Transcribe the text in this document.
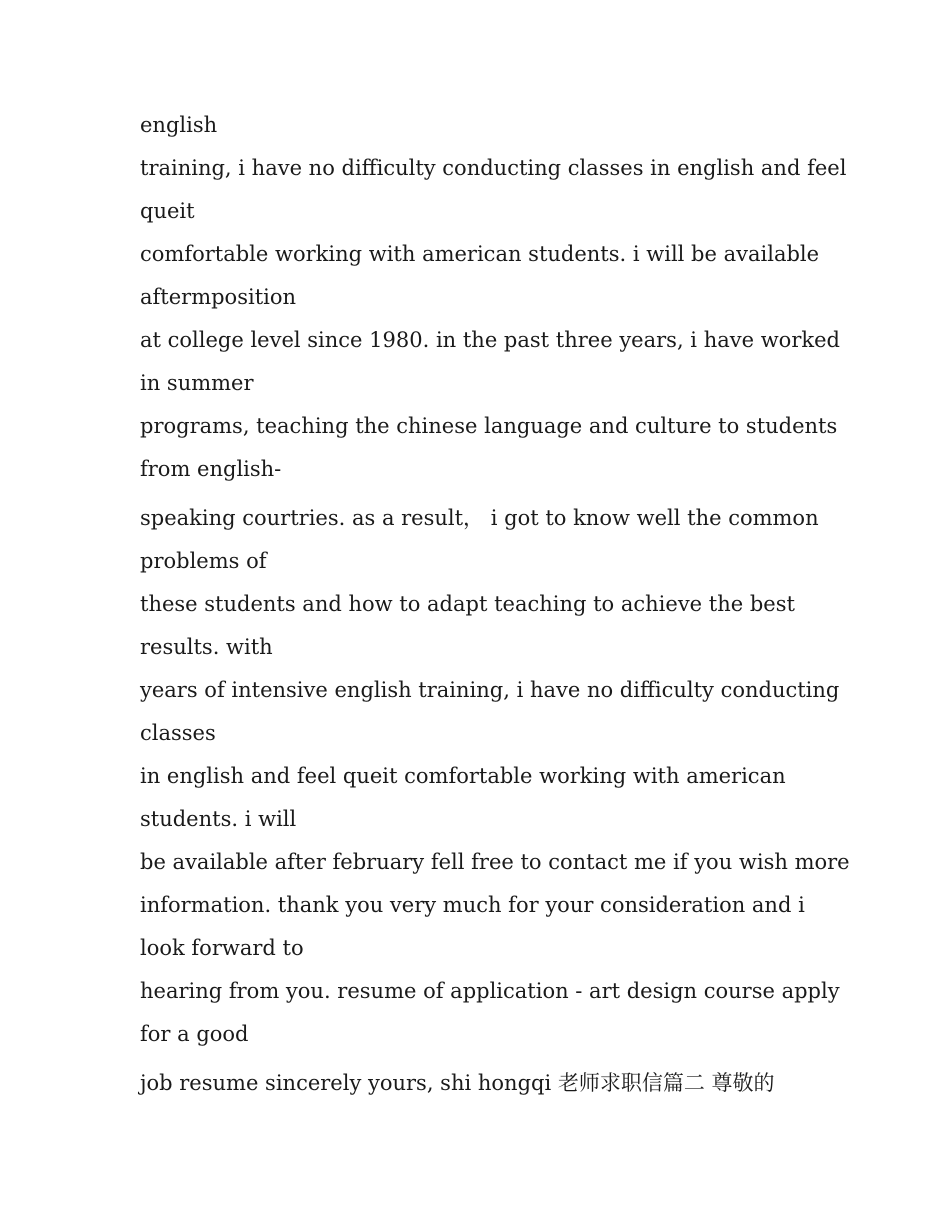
english
training, i have no difficulty conducting classes in english and feel
queit
comfortable working with american students. i will be available
aftermposition
at college level since 1980. in the past three years, i have worked
in summer
programs, teaching the chinese language and culture to students
from english-
speaking courtries. as a result， i got to know well the common
problems of
these students and how to adapt teaching to achieve the best
results. with
years of intensive english training, i have no difficulty conducting
classes
in english and feel queit comfortable working with american
students. i will
be available after february fell free to contact me if you wish more
information. thank you very much for your consideration and i
look forward to
hearing from you. resume of application - art design course apply
for a good
job resume sincerely yours, shi hongqi 老师求职信篇二 尊敬的
